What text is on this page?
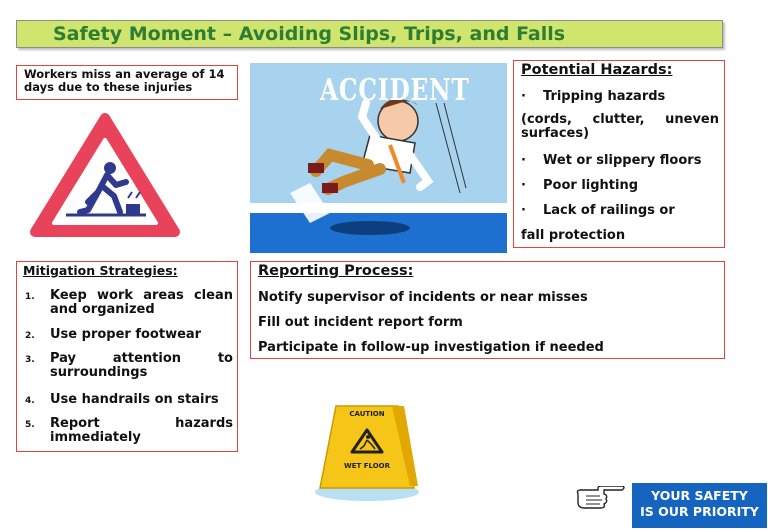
Safety Moment – Avoiding Slips, Trips, and Falls
Workers miss an average of 14 days due to these injuries	ACCIDENT
Potential Hazards:
· Tripping hazards
(cords, clutter, uneven surfaces)
· Wet or slippery floors
· Poor lighting
· Lack of railings or
fall protection
Mitigation Strategies:
1. Keep work areas clean and organized
2. Use proper footwear
3. Pay attention to surroundings
4. Use handrails on stairs
5. Report hazards immediately
Reporting Process:
Notify supervisor of incidents or near misses
Fill out incident report form
Participate in follow-up investigation if needed
CAUTION
WET FLOOR
YOUR SAFETY
IS OUR PRIORITY
